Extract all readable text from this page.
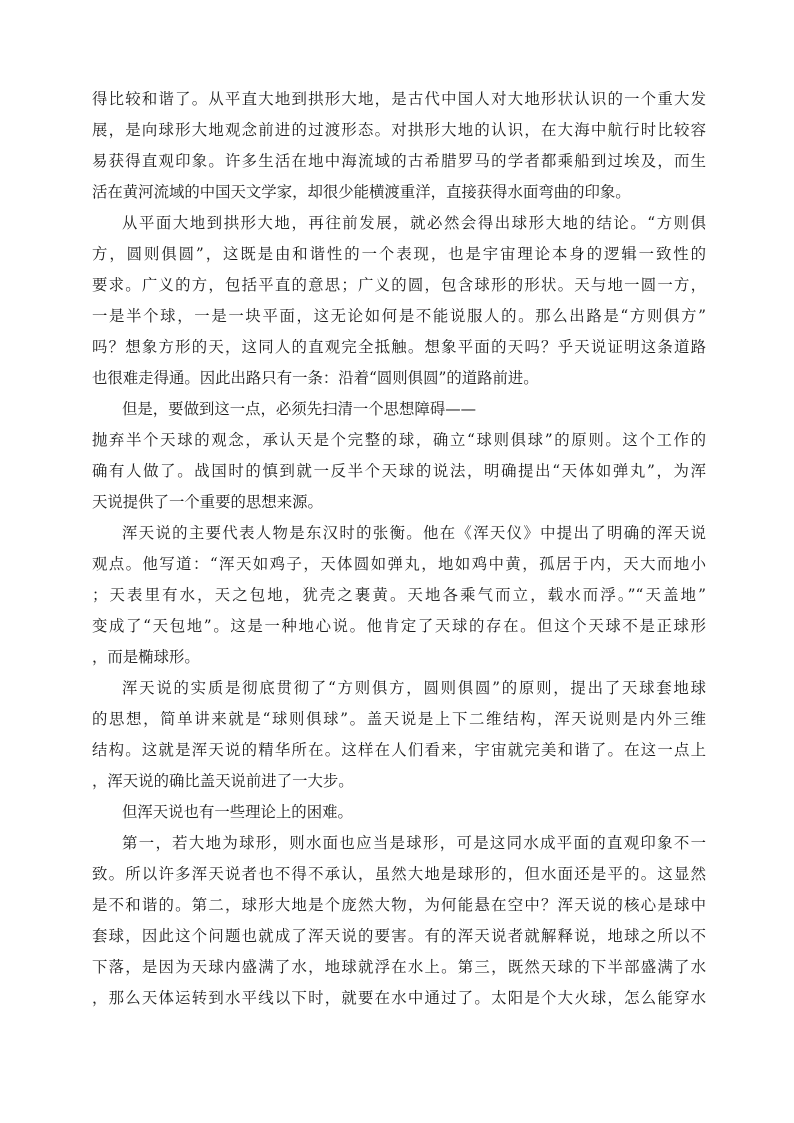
得比较和谐了。从平直大地到拱形大地，是古代中国人对大地形状认识的一个重大发
展，是向球形大地观念前进的过渡形态。对拱形大地的认识，在大海中航行时比较容
易获得直观印象。许多生活在地中海流域的古希腊罗马的学者都乘船到过埃及，而生
活在黄河流域的中国天文学家，却很少能横渡重洋，直接获得水面弯曲的印象。
从平面大地到拱形大地，再往前发展，就必然会得出球形大地的结论。“方则俱
方，圆则俱圆”，这既是由和谐性的一个表现，也是宇宙理论本身的逻辑一致性的
要求。广义的方，包括平直的意思；广义的圆，包含球形的形状。天与地一圆一方，
一是半个球，一是一块平面，这无论如何是不能说服人的。那么出路是“方则俱方”
吗？想象方形的天，这同人的直观完全抵触。想象平面的天吗？乎天说证明这条道路
也很难走得通。因此出路只有一条：沿着“圆则俱圆”的道路前进。
但是，要做到这一点，必须先扫清一个思想障碍——
抛弃半个天球的观念，承认天是个完整的球，确立“球则俱球”的原则。这个工作的
确有人做了。战国时的慎到就一反半个天球的说法，明确提出“天体如弹丸”，为浑
天说提供了一个重要的思想来源。
浑天说的主要代表人物是东汉时的张衡。他在《浑天仪》中提出了明确的浑天说
观点。他写道：“浑天如鸡子，天体圆如弹丸，地如鸡中黄，孤居于内，天大而地小
；天表里有水，天之包地，犹壳之裹黄。天地各乘气而立，载水而浮。”“天盖地”
变成了“天包地”。这是一种地心说。他肯定了天球的存在。但这个天球不是正球形
，而是椭球形。
浑天说的实质是彻底贯彻了“方则俱方，圆则俱圆”的原则，提出了天球套地球
的思想，简单讲来就是“球则俱球”。盖天说是上下二维结构，浑天说则是内外三维
结构。这就是浑天说的精华所在。这样在人们看来，宇宙就完美和谐了。在这一点上
，浑天说的确比盖天说前进了一大步。
但浑天说也有一些理论上的困难。
第一，若大地为球形，则水面也应当是球形，可是这同水成平面的直观印象不一
致。所以许多浑天说者也不得不承认，虽然大地是球形的，但水面还是平的。这显然
是不和谐的。第二，球形大地是个庞然大物，为何能悬在空中？浑天说的核心是球中
套球，因此这个问题也就成了浑天说的要害。有的浑天说者就解释说，地球之所以不
下落，是因为天球内盛满了水，地球就浮在水上。第三，既然天球的下半部盛满了水
，那么天体运转到水平线以下时，就要在水中通过了。太阳是个大火球，怎么能穿水
